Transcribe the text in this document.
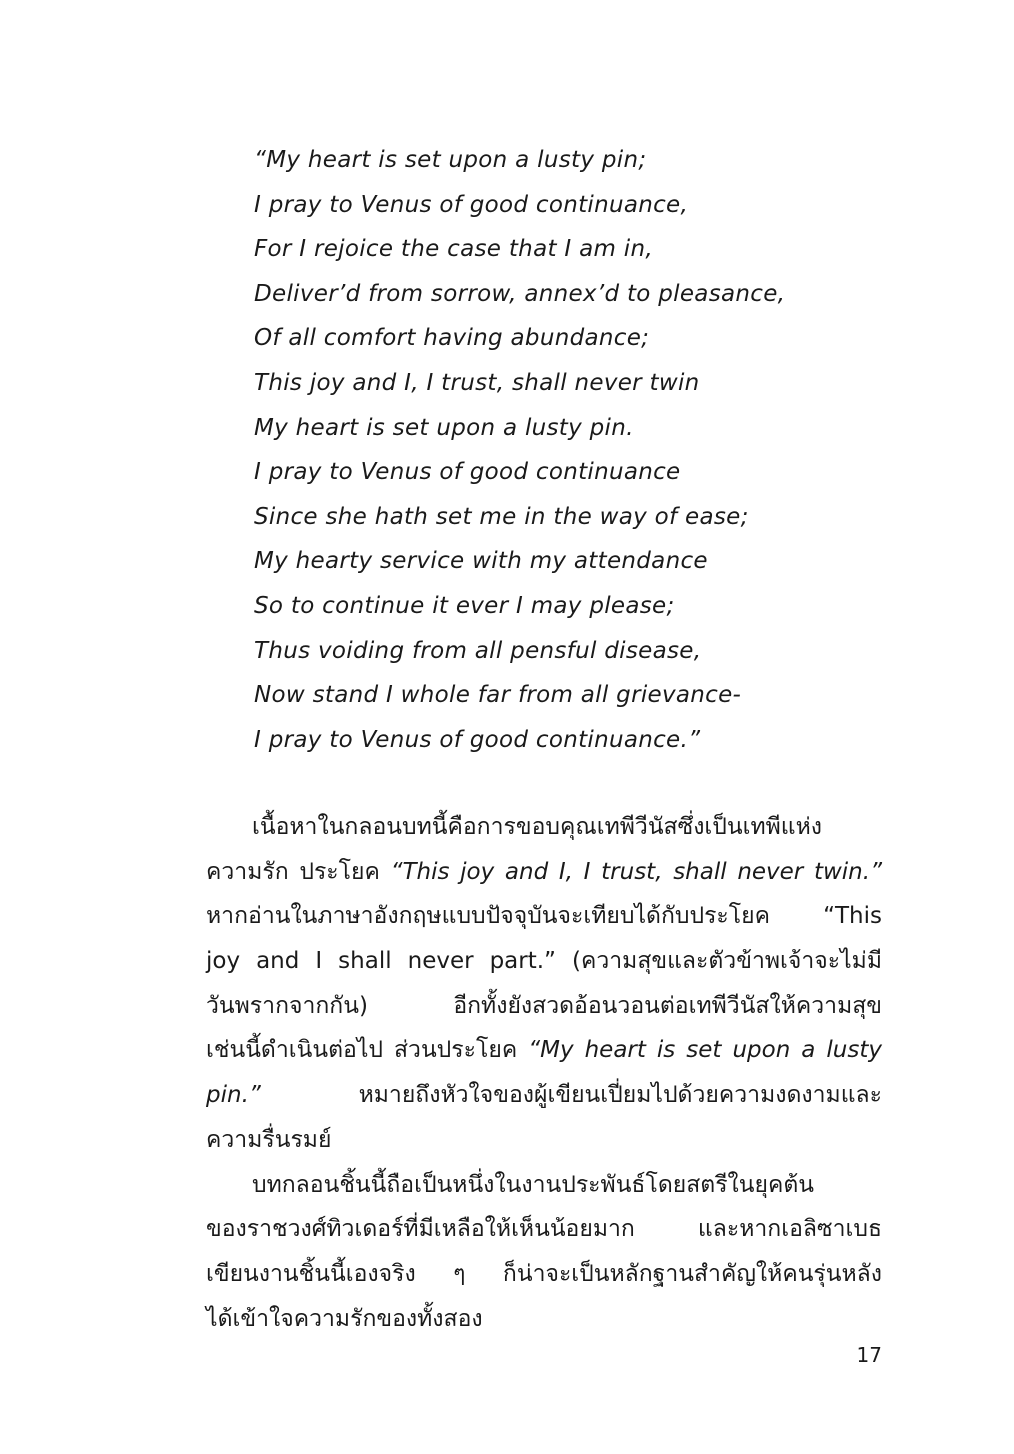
“My heart is set upon a lusty pin;
I pray to Venus of good continuance,
For I rejoice the case that I am in,
Deliver’d from sorrow, annex’d to pleasance,
Of all comfort having abundance;
This joy and I, I trust, shall never twin
My heart is set upon a lusty pin.
I pray to Venus of good continuance
Since she hath set me in the way of ease;
My hearty service with my attendance
So to continue it ever I may please;
Thus voiding from all pensful disease,
Now stand I whole far from all grievance-
I pray to Venus of good continuance.”

เนื้อหาในกลอนบทนี้คือการขอบคุณเทพีวีนัสซึ่งเป็นเทพีแห่ง
ความรัก ประโยค “This joy and I, I trust, shall never twin.”
หากอ่านในภาษาอังกฤษแบบปัจจุบันจะเทียบได้กับประโยค “This
joy and I shall never part.” (ความสุขและตัวข้าพเจ้าจะไม่มี
วันพรากจากกัน) อีกทั้งยังสวดอ้อนวอนต่อเทพีวีนัสให้ความสุข
เช่นนี้ดำเนินต่อไป ส่วนประโยค “My heart is set upon a lusty
pin.” หมายถึงหัวใจของผู้เขียนเปี่ยมไปด้วยความงดงามและ
ความรื่นรมย์

บทกลอนชิ้นนี้ถือเป็นหนึ่งในงานประพันธ์โดยสตรีในยุคต้น
ของราชวงศ์ทิวเดอร์ที่มีเหลือให้เห็นน้อยมาก และหากเอลิซาเบธ
เขียนงานชิ้นนี้เองจริง ๆ ก็น่าจะเป็นหลักฐานสำคัญให้คนรุ่นหลัง
ได้เข้าใจความรักของทั้งสอง

17
